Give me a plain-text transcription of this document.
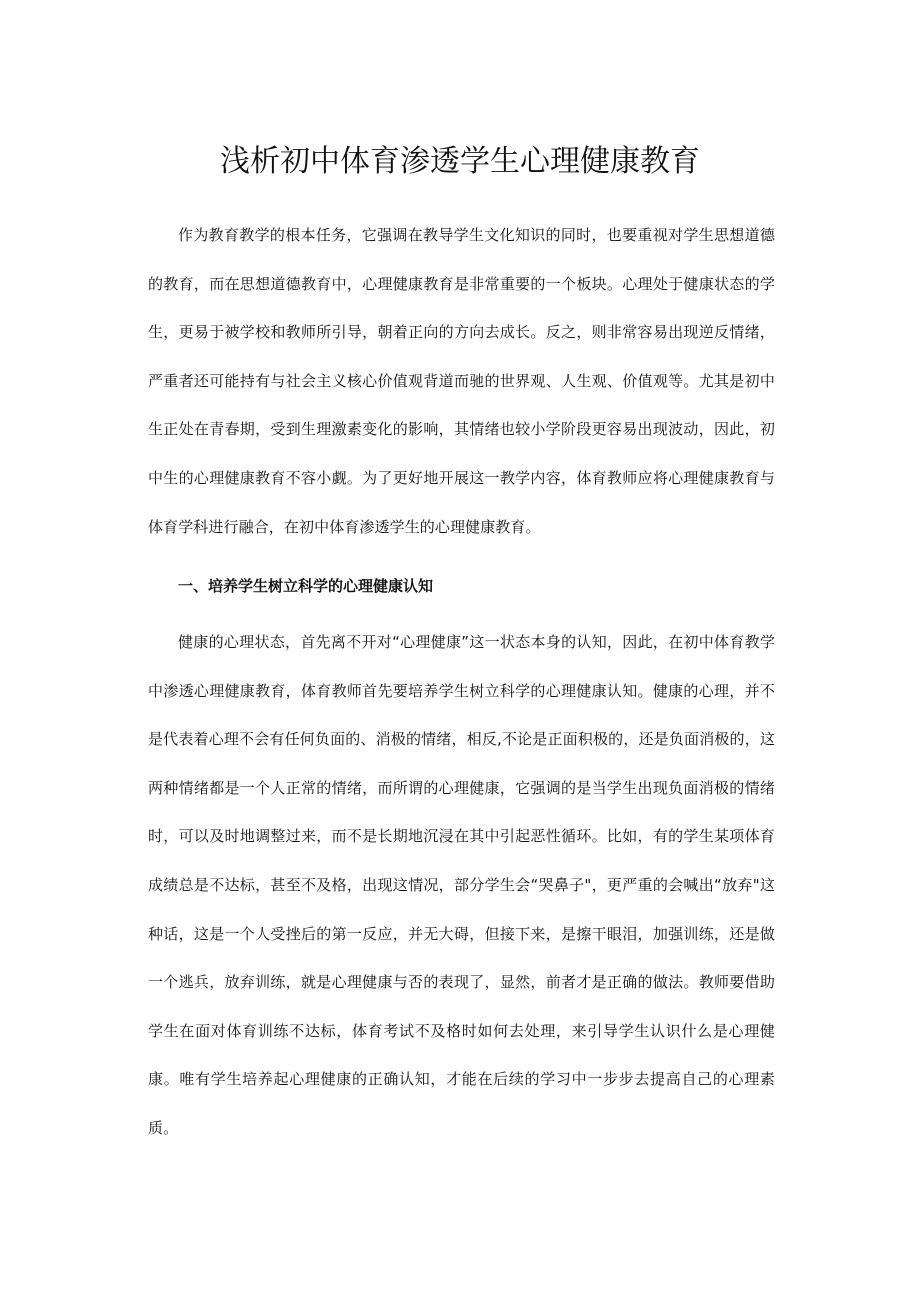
浅析初中体育渗透学生心理健康教育

作为教育教学的根本任务，它强调在教导学生文化知识的同时，也要重视对学生思想道德的教育，而在思想道德教育中，心理健康教育是非常重要的一个板块。心理处于健康状态的学生，更易于被学校和教师所引导，朝着正向的方向去成长。反之，则非常容易出现逆反情绪，严重者还可能持有与社会主义核心价值观背道而驰的世界观、人生观、价值观等。尤其是初中生正处在青春期，受到生理激素变化的影响，其情绪也较小学阶段更容易出现波动，因此，初中生的心理健康教育不容小觑。为了更好地开展这一教学内容，体育教师应将心理健康教育与体育学科进行融合，在初中体育渗透学生的心理健康教育。

一、培养学生树立科学的心理健康认知

健康的心理状态，首先离不开对“心理健康”这一状态本身的认知，因此，在初中体育教学中渗透心理健康教育，体育教师首先要培养学生树立科学的心理健康认知。健康的心理，并不是代表着心理不会有任何负面的、消极的情绪，相反,不论是正面积极的，还是负面消极的，这两种情绪都是一个人正常的情绪，而所谓的心理健康，它强调的是当学生出现负面消极的情绪时，可以及时地调整过来，而不是长期地沉浸在其中引起恶性循环。比如，有的学生某项体育成绩总是不达标，甚至不及格，出现这情况，部分学生会“哭鼻子"，更严重的会喊出“放弃"这种话，这是一个人受挫后的第一反应，并无大碍，但接下来，是擦干眼泪，加强训练，还是做一个逃兵，放弃训练，就是心理健康与否的表现了，显然，前者才是正确的做法。教师要借助学生在面对体育训练不达标，体育考试不及格时如何去处理，来引导学生认识什么是心理健康。唯有学生培养起心理健康的正确认知，才能在后续的学习中一步步去提高自己的心理素质。
